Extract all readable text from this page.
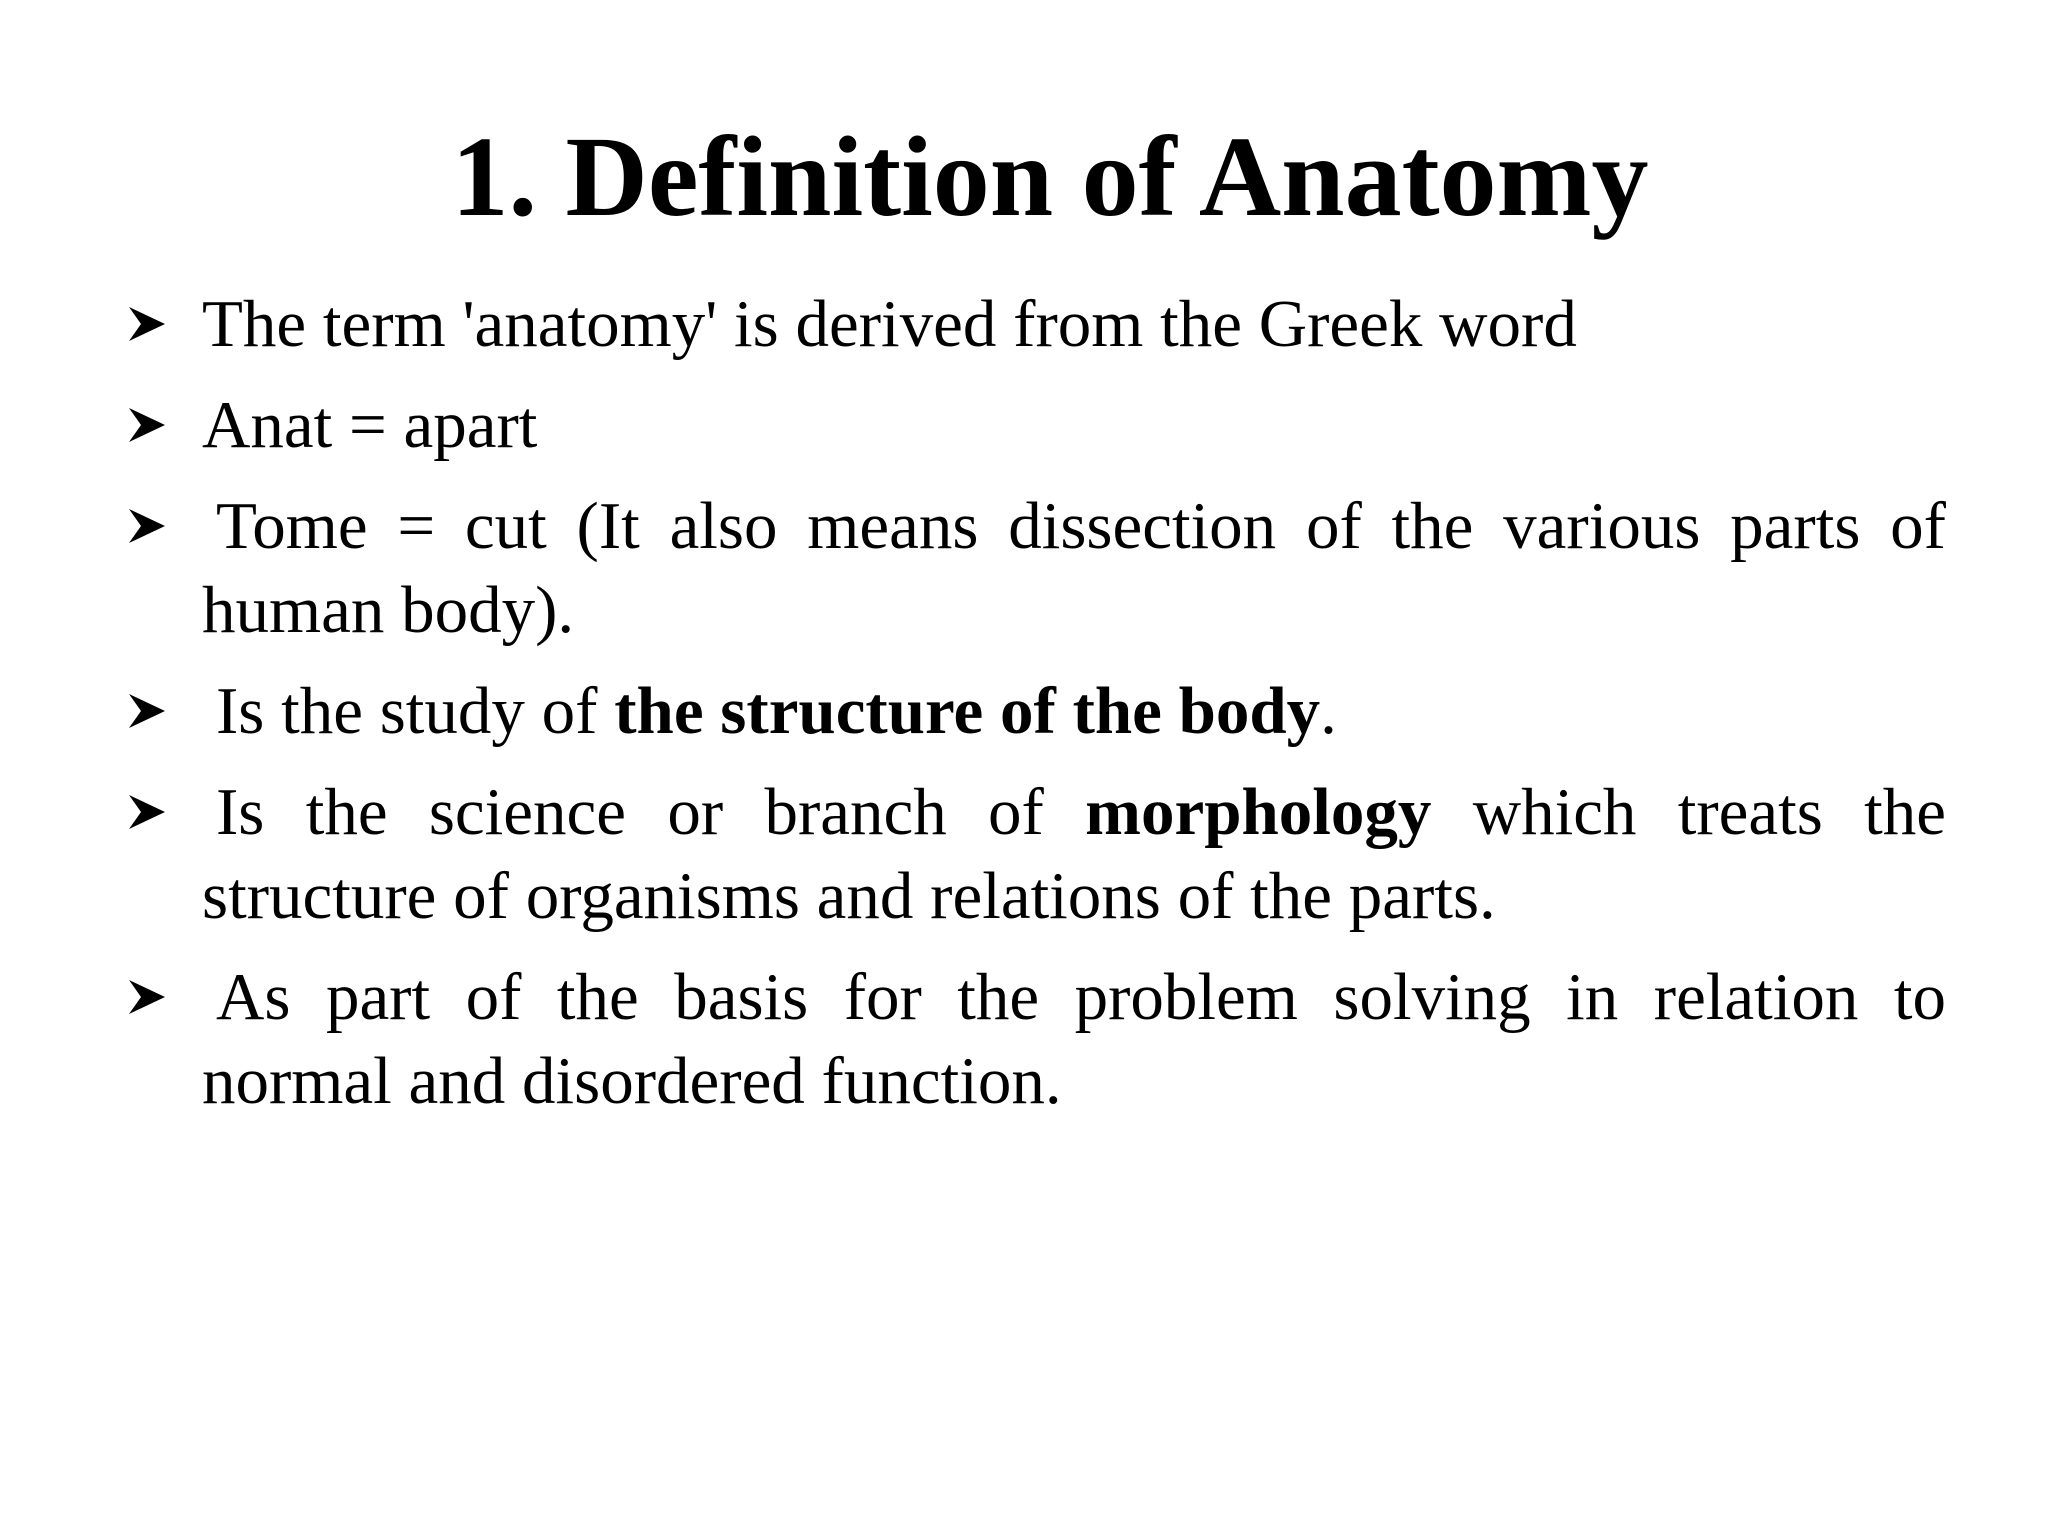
1. Definition of Anatomy
The term 'anatomy' is derived from the Greek word
Anat = apart
Tome = cut (It also means dissection of the various parts of human body).
Is the study of the structure of the body.
Is the science or branch of morphology which treats the structure of organisms and relations of the parts.
As part of the basis for the problem solving in relation to normal and disordered function.
